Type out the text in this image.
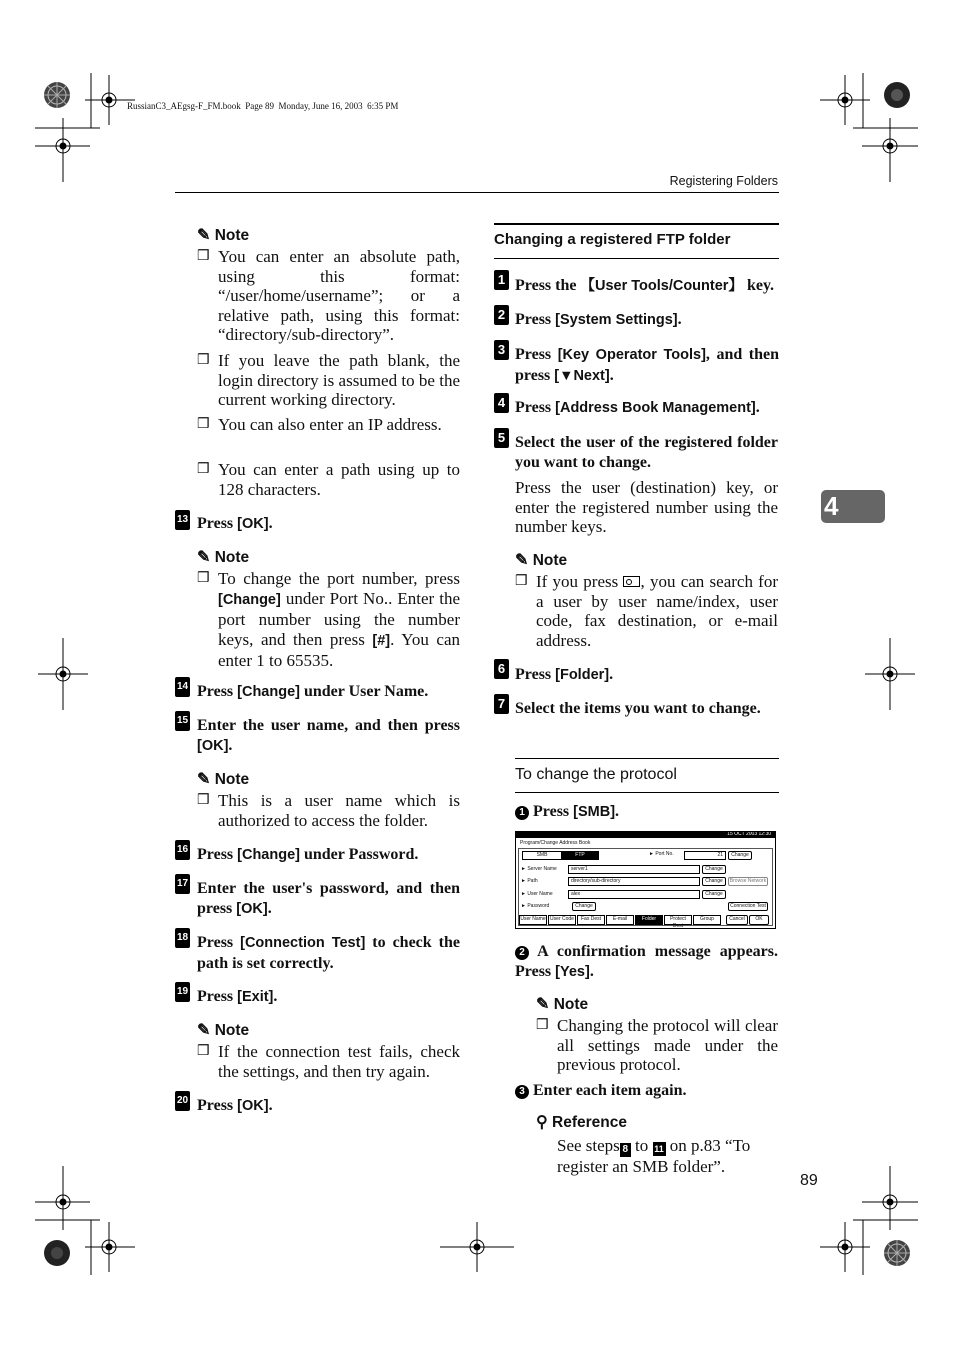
RussianC3_AEgsg-F_FM.book  Page 89  Monday, June 16, 2003  6:35 PM
Registering Folders
4
✎ Note
❒ You can enter an absolute path, using this format: “/user/home/username”; or a relative path, using this format: “directory/sub-directory”.
❒ If you leave the path blank, the login directory is assumed to be the current working directory.
❒ You can also enter an IP address.
❒ You can enter a path using up to 128 characters.
13 Press [OK].
✎ Note
❒ To change the port number, press [Change] under Port No.. Enter the port number using the number keys, and then press [#]. You can enter 1 to 65535.
14 Press [Change] under User Name.
15 Enter the user name, and then press [OK].
✎ Note
❒ This is a user name which is authorized to access the folder.
16 Press [Change] under Password.
17 Enter the user's password, and then press [OK].
18 Press [Connection Test] to check the path is set correctly.
19 Press [Exit].
✎ Note
❒ If the connection test fails, check the settings, and then try again.
20 Press [OK].
Changing a registered FTP folder
1 Press the 【User Tools/Counter】 key.
2 Press [System Settings].
3 Press [Key Operator Tools], and then press [▼Next].
4 Press [Address Book Management].
5 Select the user of the registered folder you want to change.
Press the user (destination) key, or enter the registered number using the number keys.
✎ Note
❒ If you press
, you can search for a user by user name/index, user code, fax destination, or e-mail address.
6 Press [Folder].
7 Select the items you want to change.
To change the protocol
1 Press [SMB].
15 OCT 2003 12:30
Program/Change Address Book
SMB	FTP	► Port No.	21	Change
► Server Name	server1	Change
► Path	directory/sub-directory	Change	Browse Network
► User Name	alex	Change
► Password	Change	Connection Test
User Name User Code	Fax Dest	E-mail	Folder	Protect Dest
Group	Cancel	OK
2 A confirmation message appears. Press [Yes].
✎ Note
❒ Changing the protocol will clear all settings made under the previous protocol.
3 Enter each item again.
⚲ Reference
See steps 8 to 11 on p.83 “To register an SMB folder”.
89
